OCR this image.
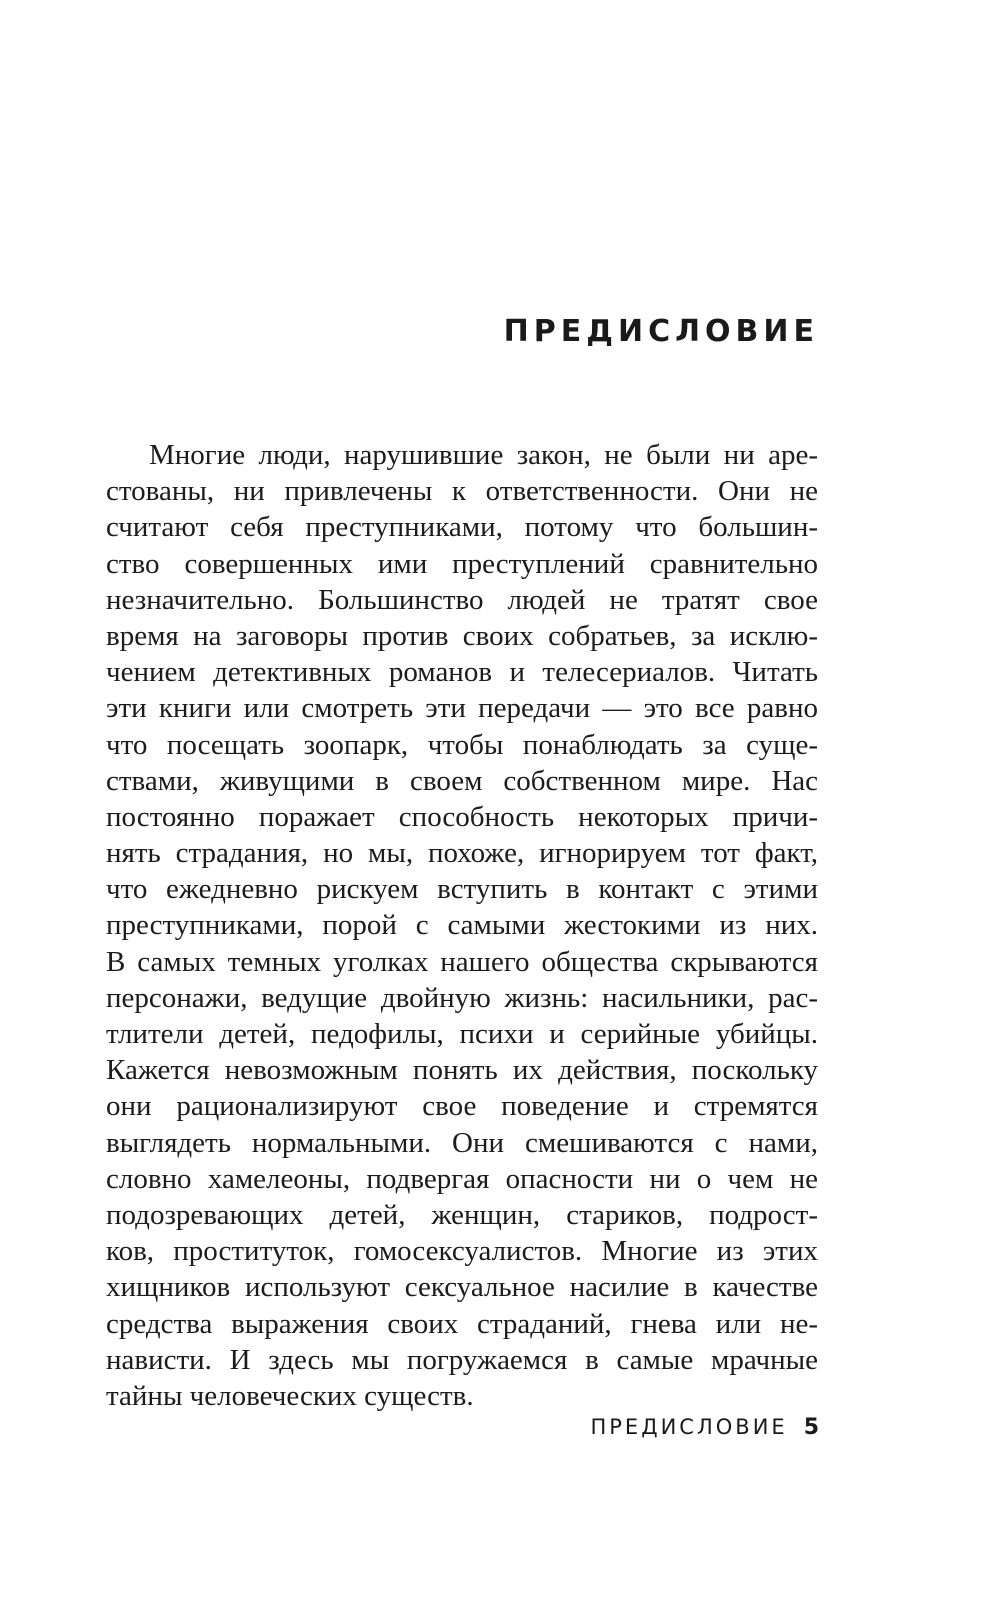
ПРЕДИСЛОВИЕ
Многие люди, нарушившие закон, не были ни аре-
стованы, ни привлечены к ответственности. Они не
считают себя преступниками, потому что большин-
ство совершенных ими преступлений сравнительно
незначительно. Большинство людей не тратят свое
время на заговоры против своих собратьев, за исклю-
чением детективных романов и телесериалов. Читать
эти книги или смотреть эти передачи — это все равно
что посещать зоопарк, чтобы понаблюдать за суще-
ствами, живущими в своем собственном мире. Нас
постоянно поражает способность некоторых причи-
нять страдания, но мы, похоже, игнорируем тот факт,
что ежедневно рискуем вступить в контакт с этими
преступниками, порой с самыми жестокими из них.
В самых темных уголках нашего общества скрываются
персонажи, ведущие двойную жизнь: насильники, рас-
тлители детей, педофилы, психи и серийные убийцы.
Кажется невозможным понять их действия, поскольку
они рационализируют свое поведение и стремятся
выглядеть нормальными. Они смешиваются с нами,
словно хамелеоны, подвергая опасности ни о чем не
подозревающих детей, женщин, стариков, подрост-
ков, проституток, гомосексуалистов. Многие из этих
хищников используют сексуальное насилие в качестве
средства выражения своих страданий, гнева или не-
нависти. И здесь мы погружаемся в самые мрачные
тайны человеческих существ.
ПРЕДИСЛОВИЕ 5
